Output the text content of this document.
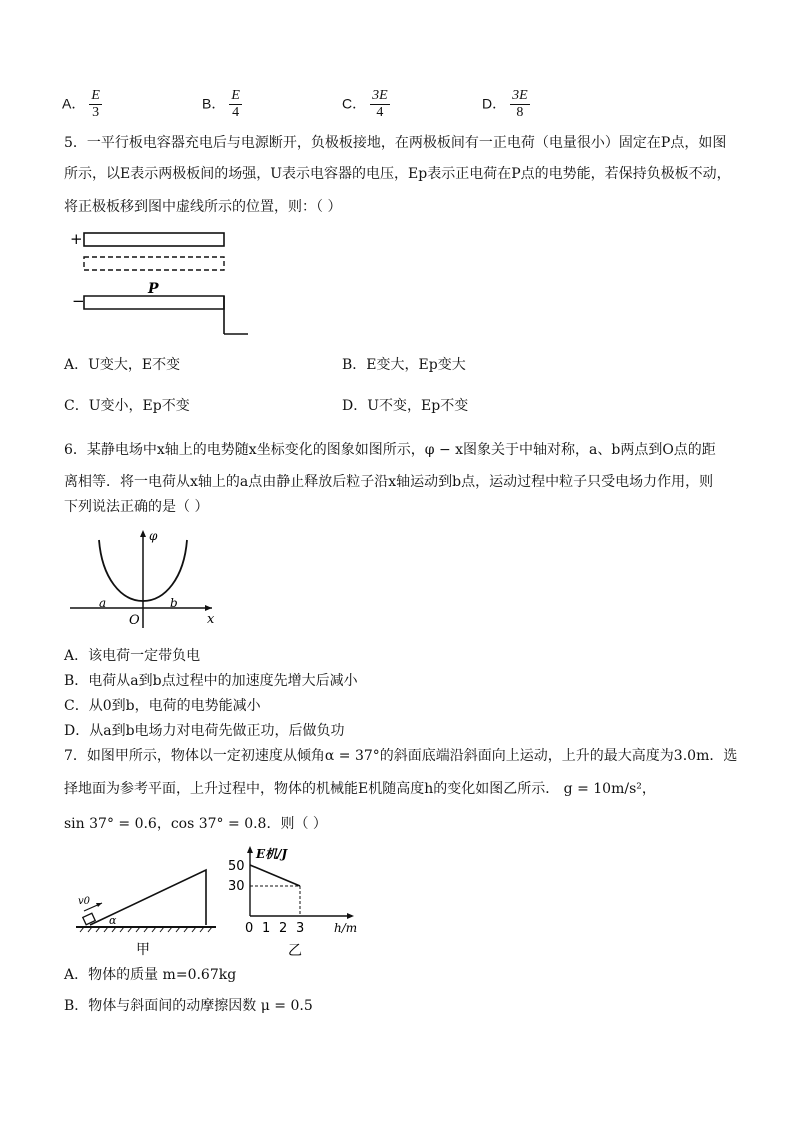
A． $\frac{E}{3}$	B． $\frac{E}{4}$	C． $\frac{3E}{4}$	D． $\frac{3E}{8}$
5．一平行板电容器充电后与电源断开，负极板接地，在两极板间有一正电荷（电量很小）固定在P点，如图
所示，以E表示两极板间的场强，U表示电容器的电压，Ep表示正电荷在P点的电势能，若保持负极板不动，
将正极板移到图中虚线所示的位置，则：（ ）
+
−
P
A．U变大，E不变	B．E变大，Ep变大
C．U变小，Ep不变	D．U不变，Ep不变
6．某静电场中x轴上的电势随x坐标变化的图象如图所示，φ − x图象关于中轴对称，a、b两点到O点的距
离相等．将一电荷从x轴上的a点由静止释放后粒子沿x轴运动到b点，运动过程中粒子只受电场力作用，则
下列说法正确的是（ ）
φ
a	b
O	x
A．该电荷一定带负电
B．电荷从a到b点过程中的加速度先增大后减小
C．从0到b，电荷的电势能减小
D．从a到b电场力对电荷先做正功，后做负功
7．如图甲所示，物体以一定初速度从倾角α = 37°的斜面底端沿斜面向上运动，上升的最大高度为3.0m．选
择地面为参考平面，上升过程中，物体的机械能E机随高度h的变化如图乙所示． g = 10m/s²，
sin 37° = 0.6，cos 37° = 0.8．则（ ）
v0
α
甲
E机/J
50
30
0 1 2 3 h/m
乙
A．物体的质量 m=0.67kg
B．物体与斜面间的动摩擦因数 μ = 0.5
